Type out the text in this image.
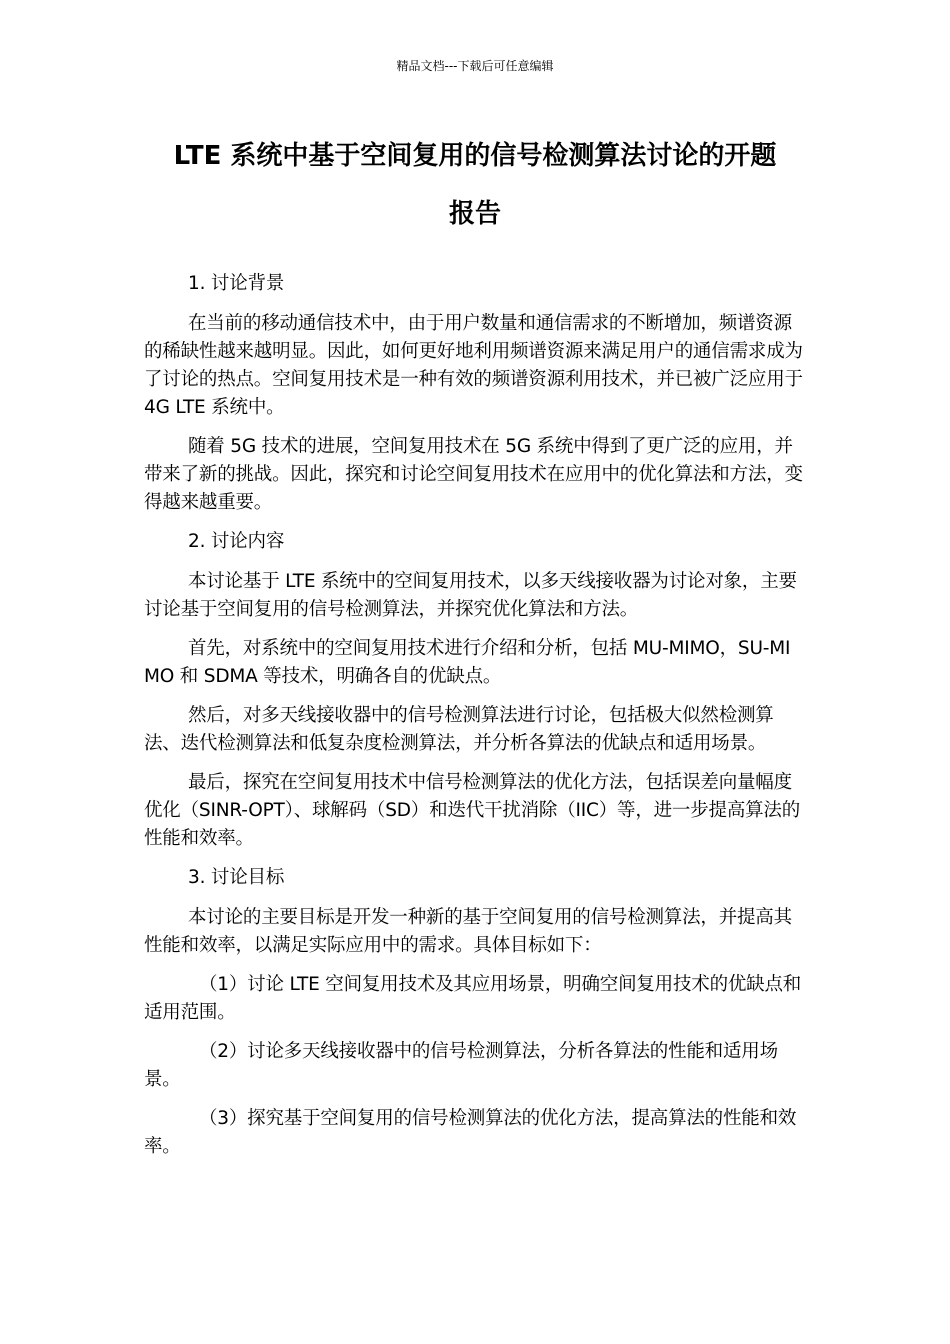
精品文档---下载后可任意编辑
LTE 系统中基于空间复用的信号检测算法讨论的开题
报告

1. 讨论背景

在当前的移动通信技术中，由于用户数量和通信需求的不断增加，频谱资源的稀缺性越来越明显。因此，如何更好地利用频谱资源来满足用户的通信需求成为了讨论的热点。空间复用技术是一种有效的频谱资源利用技术，并已被广泛应用于 4G LTE 系统中。

随着 5G 技术的进展，空间复用技术在 5G 系统中得到了更广泛的应用，并带来了新的挑战。因此，探究和讨论空间复用技术在应用中的优化算法和方法，变得越来越重要。

2. 讨论内容

本讨论基于 LTE 系统中的空间复用技术，以多天线接收器为讨论对象，主要讨论基于空间复用的信号检测算法，并探究优化算法和方法。

首先，对系统中的空间复用技术进行介绍和分析，包括 MU-MIMO，SU-MIMO 和 SDMA 等技术，明确各自的优缺点。

然后，对多天线接收器中的信号检测算法进行讨论，包括极大似然检测算法、迭代检测算法和低复杂度检测算法，并分析各算法的优缺点和适用场景。

最后，探究在空间复用技术中信号检测算法的优化方法，包括误差向量幅度优化（SINR-OPT）、球解码（SD）和迭代干扰消除（IIC）等，进一步提高算法的性能和效率。

3. 讨论目标

本讨论的主要目标是开发一种新的基于空间复用的信号检测算法，并提高其性能和效率，以满足实际应用中的需求。具体目标如下：

（1）讨论 LTE 空间复用技术及其应用场景，明确空间复用技术的优缺点和适用范围。

（2）讨论多天线接收器中的信号检测算法，分析各算法的性能和适用场景。

（3）探究基于空间复用的信号检测算法的优化方法，提高算法的性能和效率。
